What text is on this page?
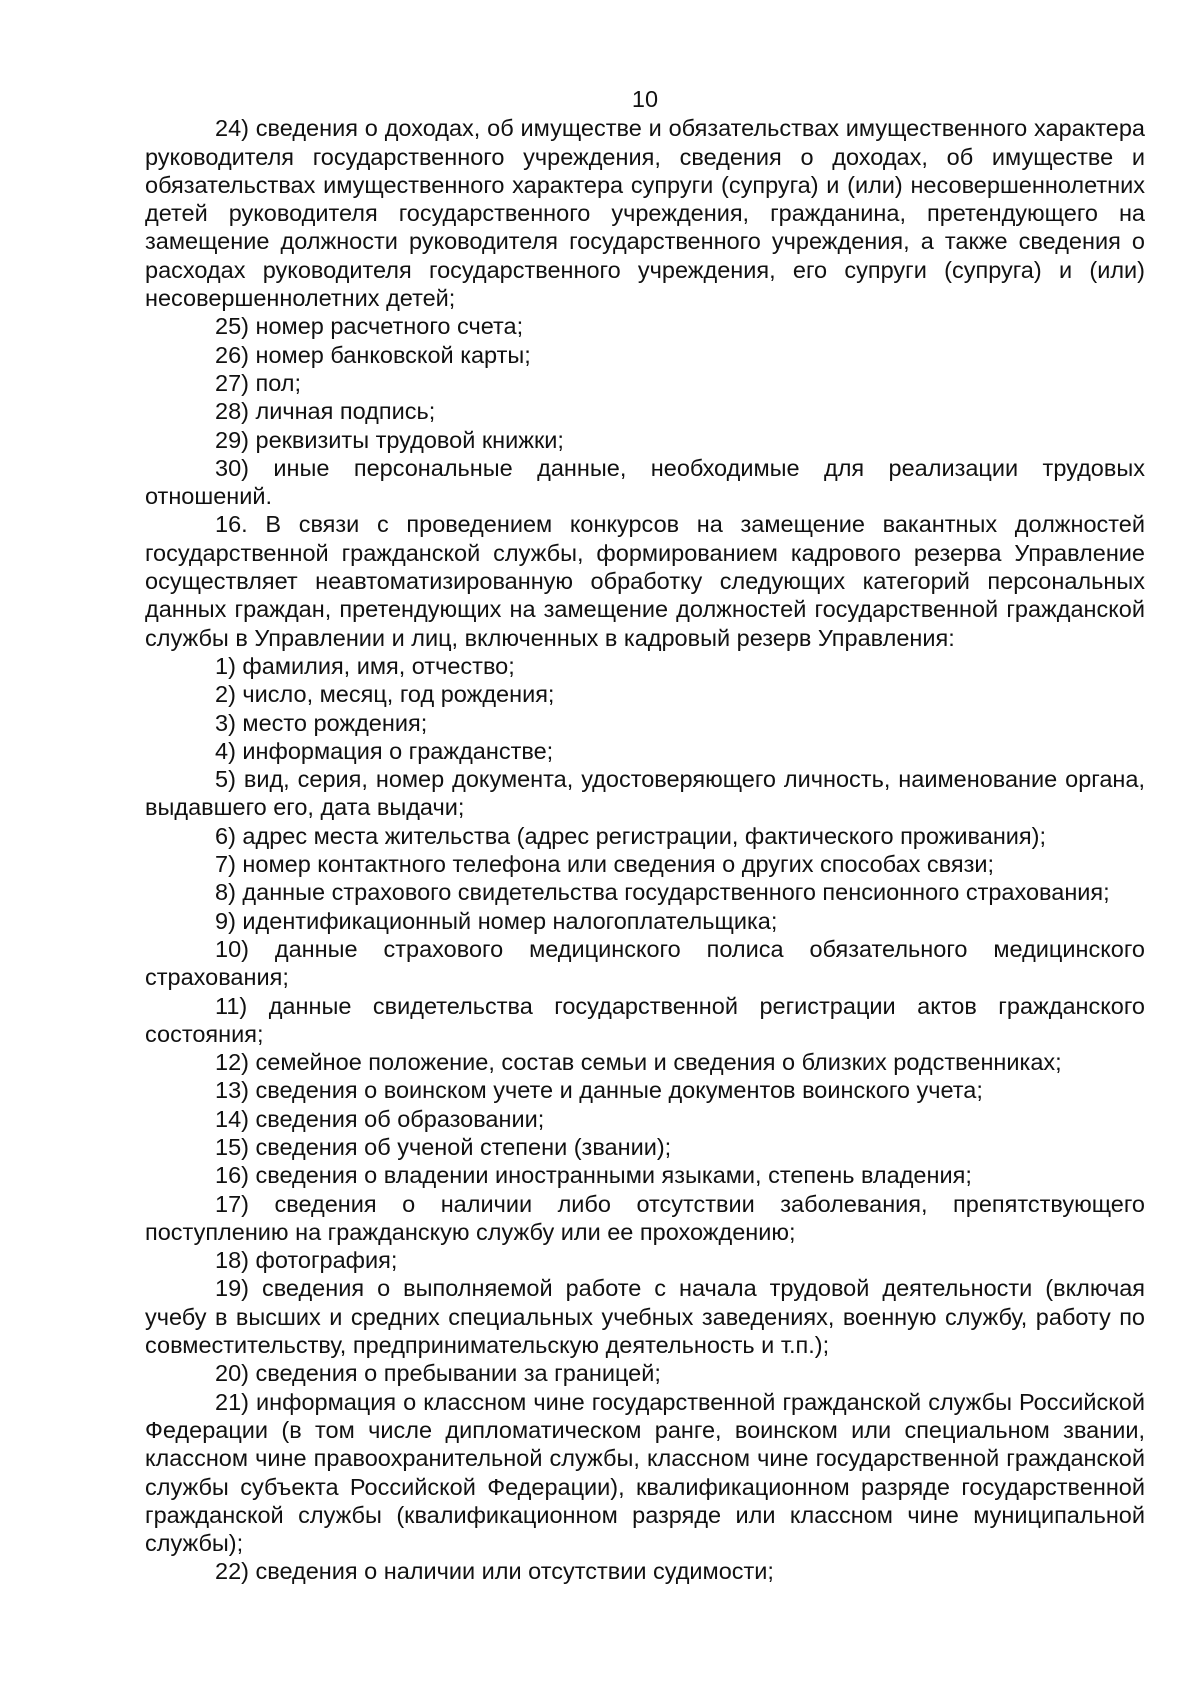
10

24) сведения о доходах, об имуществе и обязательствах имущественного характера руководителя государственного учреждения, сведения о доходах, об имуществе и обязательствах имущественного характера супруги (супруга) и (или) несовершеннолетних детей руководителя государственного учреждения, гражданина, претендующего на замещение должности руководителя государственного учреждения, а также сведения о расходах руководителя государственного учреждения, его супруги (супруга) и (или) несовершеннолетних детей;

25) номер расчетного счета;

26) номер банковской карты;

27) пол;

28) личная подпись;

29) реквизиты трудовой книжки;

30) иные персональные данные, необходимые для реализации трудовых отношений.

16. В связи с проведением конкурсов на замещение вакантных должностей государственной гражданской службы, формированием кадрового резерва Управление осуществляет неавтоматизированную обработку следующих категорий персональных данных граждан, претендующих на замещение должностей государственной гражданской службы в Управлении и лиц, включенных в кадровый резерв Управления:

1) фамилия, имя, отчество;

2) число, месяц, год рождения;

3) место рождения;

4) информация о гражданстве;

5) вид, серия, номер документа, удостоверяющего личность, наименование органа, выдавшего его, дата выдачи;

6) адрес места жительства (адрес регистрации, фактического проживания);

7) номер контактного телефона или сведения о других способах связи;

8) данные страхового свидетельства государственного пенсионного страхования;

9) идентификационный номер налогоплательщика;

10) данные страхового медицинского полиса обязательного медицинского страхования;

11) данные свидетельства государственной регистрации актов гражданского состояния;

12) семейное положение, состав семьи и сведения о близких родственниках;

13) сведения о воинском учете и данные документов воинского учета;

14) сведения об образовании;

15) сведения об ученой степени (звании);

16) сведения о владении иностранными языками, степень владения;

17) сведения о наличии либо отсутствии заболевания, препятствующего поступлению на гражданскую службу или ее прохождению;

18) фотография;

19) сведения о выполняемой работе с начала трудовой деятельности (включая учебу в высших и средних специальных учебных заведениях, военную службу, работу по совместительству, предпринимательскую деятельность и т.п.);

20) сведения о пребывании за границей;

21) информация о классном чине государственной гражданской службы Российской Федерации (в том числе дипломатическом ранге, воинском или специальном звании, классном чине правоохранительной службы, классном чине государственной гражданской службы субъекта Российской Федерации), квалификационном разряде государственной гражданской службы (квалификационном разряде или классном чине муниципальной службы);

22) сведения о наличии или отсутствии судимости;
